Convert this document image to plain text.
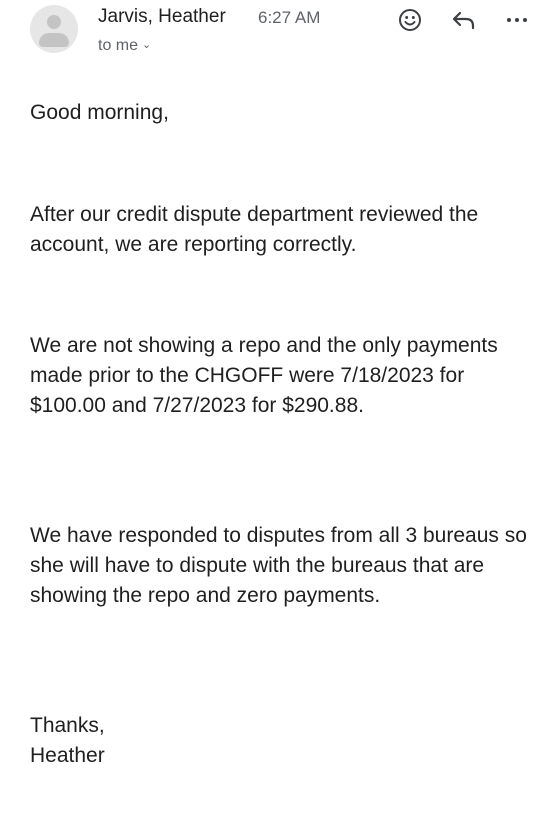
Jarvis, Heather 6:27 AM
to me ⌄

Good morning,

After our credit dispute department reviewed the account, we are reporting correctly.

We are not showing a repo and the only payments made prior to the CHGOFF were 7/18/2023 for $100.00 and 7/27/2023 for $290.88.

We have responded to disputes from all 3 bureaus so she will have to dispute with the bureaus that are showing the repo and zero payments.

Thanks,

Heather
